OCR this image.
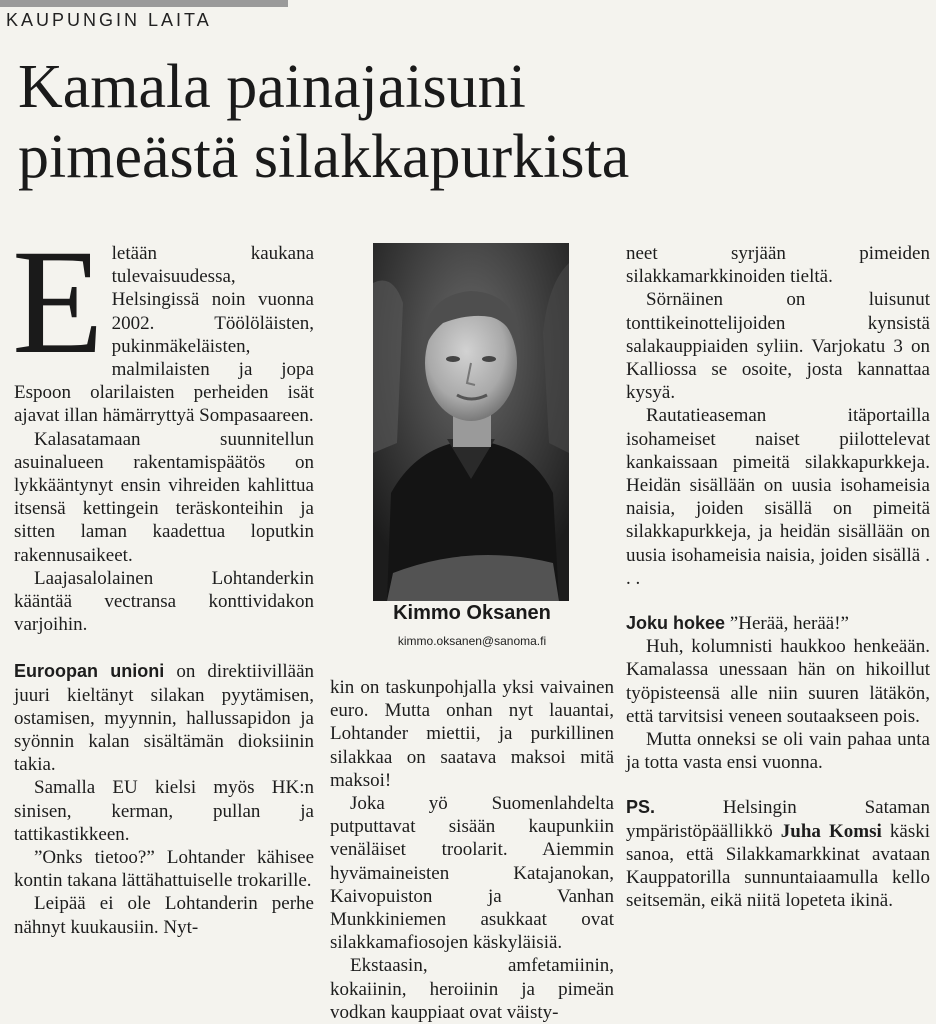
KAUPUNGIN LAITA
Kamala painajaisuni
pimeästä silakkapurkista

Eletään kaukana tulevaisuudessa, Helsingissä noin vuonna 2002. Töölöläisten, pukinmäkeläisten, malmilaisten ja jopa Espoon olarilaisten perheiden isät ajavat illan hämärryttyä Sompasaareen.

Kalasatamaan suunnitellun asuinalueen rakentamispäätös on lykkääntynyt ensin vihreiden kahlittua itsensä kettingein teräskonteihin ja sitten laman kaadettua loputkin rakennusaikeet.

Laajasalolainen Lohtanderkin kääntää vectransa konttividakon varjoihin.

Euroopan unioni on direktiivillään juuri kieltänyt silakan pyytämisen, ostamisen, myynnin, hallussapidon ja syönnin kalan sisältämän dioksiinin takia.

Samalla EU kielsi myös HK:n sinisen, kerman, pullan ja tattikastikkeen.

”Onks tietoo?” Lohtander kähisee kontin takana lättähattuiselle trokarille.

Leipää ei ole Lohtanderin perhe nähnyt kuukausiin. Nyt-

Kimmo Oksanen
kimmo.oksanen@sanoma.fi

kin on taskunpohjalla yksi vaivainen euro. Mutta onhan nyt lauantai, Lohtander miettii, ja purkillinen silakkaa on saatava maksoi mitä maksoi!

Joka yö Suomenlahdelta putputtavat sisään kaupunkiin venäläiset troolarit. Aiemmin hyvämaineisten Katajanokan, Kaivopuiston ja Vanhan Munkkiniemen asukkaat ovat silakkamafiosojen käskyläisiä.

Ekstaasin, amfetamiinin, kokaiinin, heroiinin ja pimeän vodkan kauppiaat ovat väisty-

neet syrjään pimeiden silakkamarkkinoiden tieltä.

Sörnäinen on luisunut tonttikeinottelijoiden kynsistä salakauppiaiden syliin. Varjokatu 3 on Kalliossa se osoite, josta kannattaa kysyä.

Rautatieaseman itäportailla isohameiset naiset piilottelevat kankaissaan pimeitä silakkapurkkeja. Heidän sisällään on uusia isohameisia naisia, joiden sisällä on pimeitä silakkapurkkeja, ja heidän sisällään on uusia isohameisia naisia, joiden sisällä . . .

Joku hokee ”Herää, herää!”

Huh, kolumnisti haukkoo henkeään. Kamalassa unessaan hän on hikoillut työpisteensä alle niin suuren lätäkön, että tarvitsisi veneen soutaakseen pois.

Mutta onneksi se oli vain pahaa unta ja totta vasta ensi vuonna.

PS. Helsingin Sataman ympäristöpäällikkö Juha Komsi käski sanoa, että Silakkamarkkinat avataan Kauppatorilla sunnuntaiaamulla kello seitsemän, eikä niitä lopeteta ikinä.
